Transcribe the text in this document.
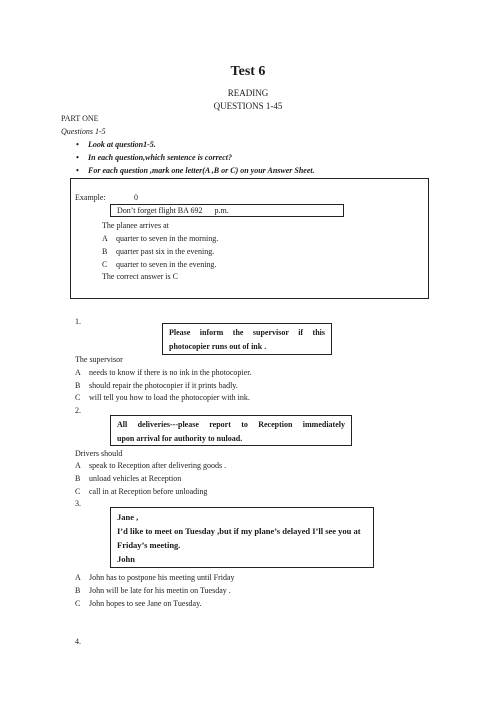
Test 6
READING
QUESTIONS 1-45
PART ONE
Questions 1-5
• Look at question1-5.
• In each question,which sentence is correct?
• For each question ,mark one letter(A ,B or C) on your Answer Sheet.
Example:	0
Don’t forget flight BA 692      p.m.
The planee arrives at
A quarter to seven in the morning.
B quarter past six in the evening.
C quarter to seven in the evening.
The correct answer is C
1.
Please inform the supervisor if this
photocopier runs out of ink .
The supervisor
A needs to know if there is no ink in the photocopier.
B should repair the photocopier if it prints badly.
C will tell you how to load the photocopier with ink.
2.
All deliveries---please report to Reception immediately
upon arrival for authority to nuload.
Drivers should
A speak to Reception after delivering goods .
B unload vehicles at Reception
C call in at Reception before unloading
3.
Jane ,
I’d like to meet on Tuesday ,but if my plane’s delayed I’ll see you at
Friday’s meeting.
John
A John has to postpone his meeting until Friday
B John will be late for his meetin on Tuesday .
C John hopes to see Jane on Tuesday.
4.
